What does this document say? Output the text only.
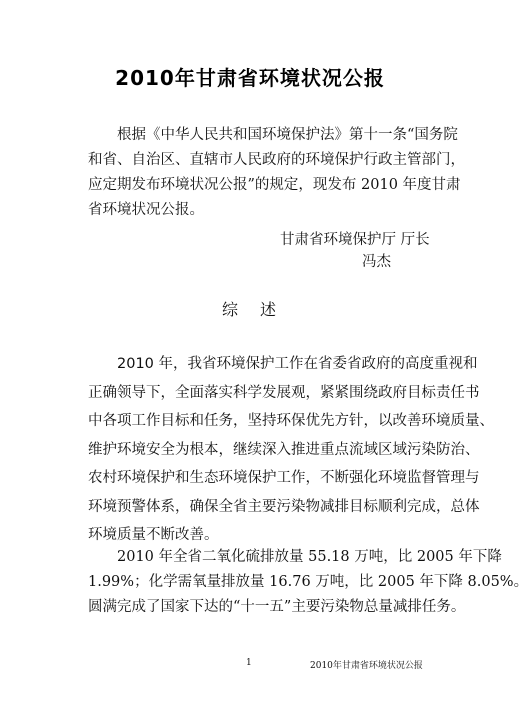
2010年甘肃省环境状况公报
根据《中华人民共和国环境保护法》第十一条“国务院
和省、自治区、直辖市人民政府的环境保护行政主管部门，
应定期发布环境状况公报”的规定，现发布 2010 年度甘肃
省环境状况公报。
甘肃省环境保护厅 厅长
冯杰
综述
2010 年，我省环境保护工作在省委省政府的高度重视和
正确领导下，全面落实科学发展观，紧紧围绕政府目标责任书
中各项工作目标和任务，坚持环保优先方针，以改善环境质量、
维护环境安全为根本，继续深入推进重点流域区域污染防治、
农村环境保护和生态环境保护工作，不断强化环境监督管理与
环境预警体系，确保全省主要污染物减排目标顺利完成，总体
环境质量不断改善。
2010 年全省二氧化硫排放量 55.18 万吨，比 2005 年下降
1.99%；化学需氧量排放量 16.76 万吨，比 2005 年下降 8.05%。
圆满完成了国家下达的“十一五”主要污染物总量减排任务。
1	2010年甘肃省环境状况公报
